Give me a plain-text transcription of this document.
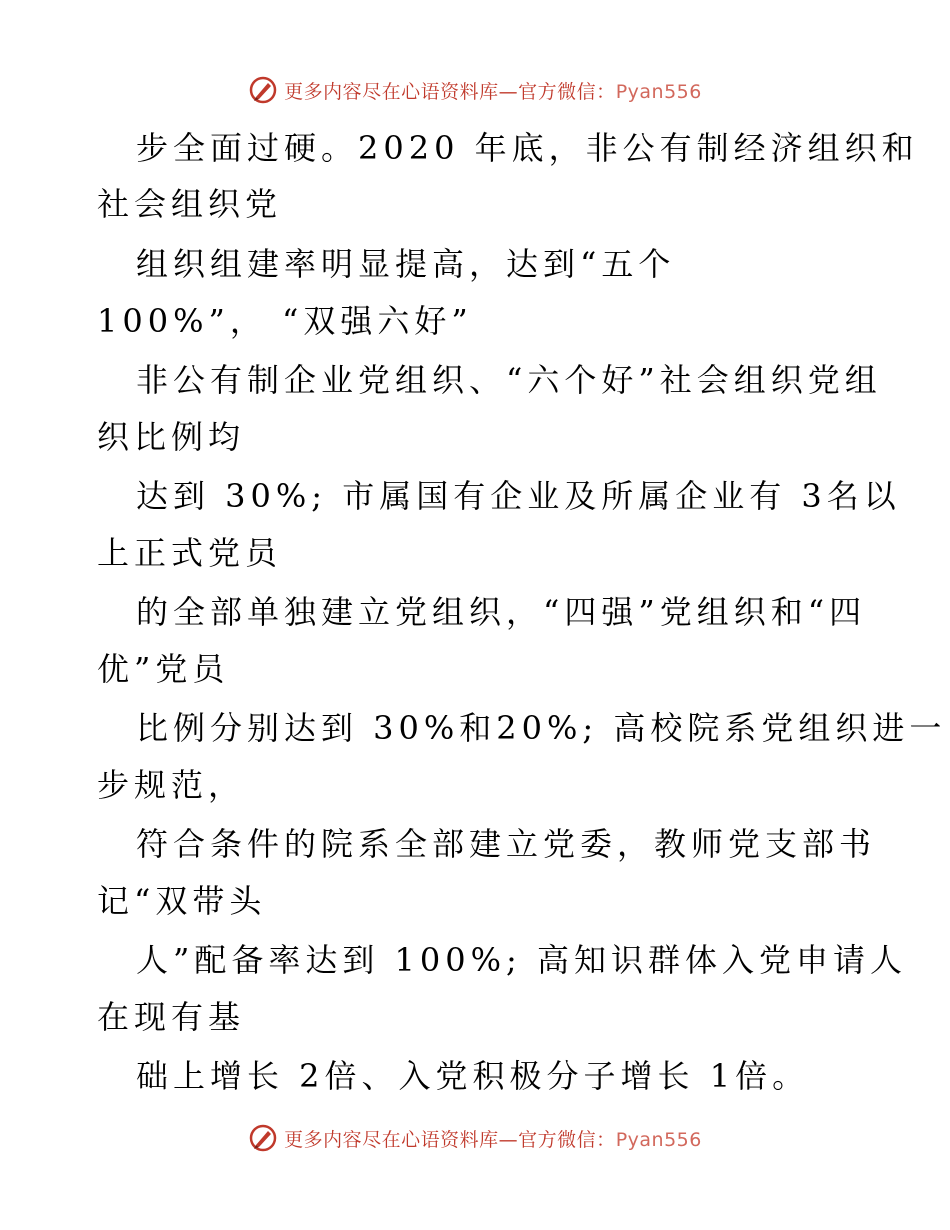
更多内容尽在心语资料库—官方微信：Pyan556
步全面过硬。2020 年底，非公有制经济组织和
社会组织党
组织组建率明显提高，达到“五个
100%”， “双强六好”
非公有制企业党组织、“六个好”社会组织党组
织比例均
达到 30%; 市属国有企业及所属企业有 3名以
上正式党员
的全部单独建立党组织，“四强”党组织和“四
优”党员
比例分别达到 30%和20%; 高校院系党组织进一
步规范，
符合条件的院系全部建立党委，教师党支部书
记“双带头
人”配备率达到 100%; 高知识群体入党申请人
在现有基
础上增长 2倍、入党积极分子增长 1倍。
更多内容尽在心语资料库—官方微信：Pyan556
